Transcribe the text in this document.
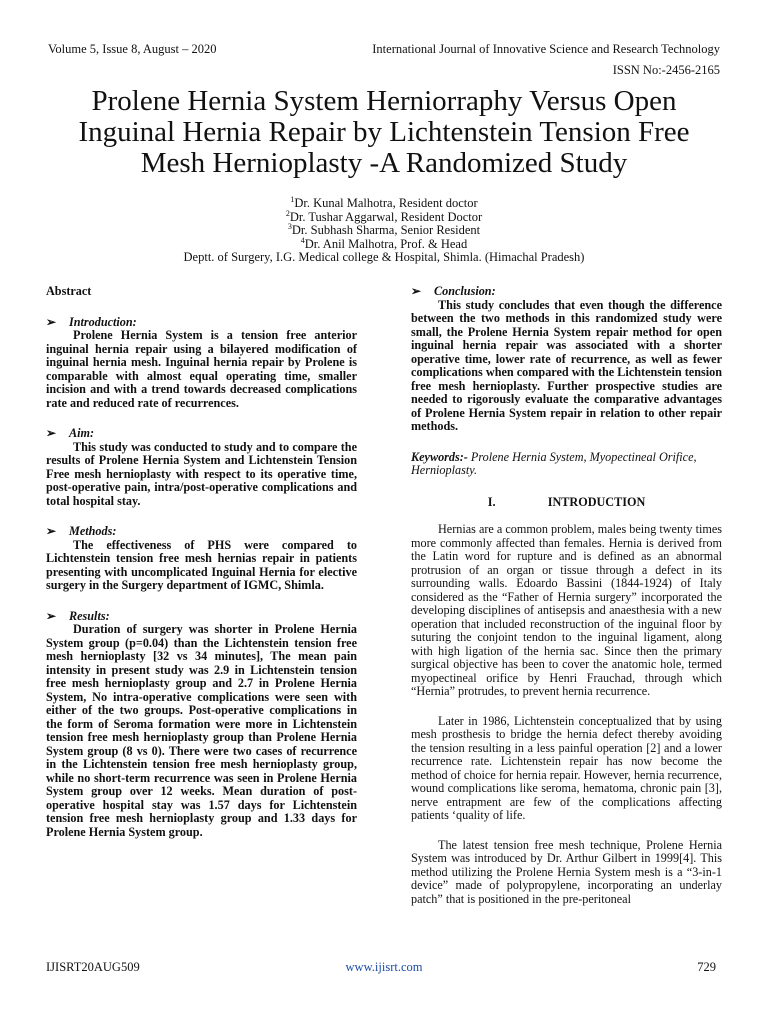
Volume 5, Issue 8, August – 2020	International Journal of Innovative Science and Research Technology
ISSN No:-2456-2165
Prolene Hernia System Herniorraphy Versus Open
Inguinal Hernia Repair by Lichtenstein Tension Free
Mesh Hernioplasty -A Randomized Study
$^1$Dr. Kunal Malhotra, Resident doctor
$^2$Dr. Tushar Aggarwal, Resident Doctor
$^3$Dr. Subhash Sharma, Senior Resident
$^4$Dr. Anil Malhotra, Prof. & Head
Deptt. of Surgery, I.G. Medical college & Hospital, Shimla. (Himachal Pradesh)
Abstract
➢ Introduction:

Prolene Hernia System is a tension free anterior inguinal hernia repair using a bilayered modification of inguinal hernia mesh. Inguinal hernia repair by Prolene is comparable with almost equal operating time, smaller incision and with a trend towards decreased complications rate and reduced rate of recurrences.

➢ Aim:

This study was conducted to study and to compare the results of Prolene Hernia System and Lichtenstein Tension Free mesh hernioplasty with respect to its operative time, post-operative pain, intra/post-operative complications and total hospital stay.

➢ Methods:

The effectiveness of PHS were compared to Lichtenstein tension free mesh hernias repair in patients presenting with uncomplicated Inguinal Hernia for elective surgery in the Surgery department of IGMC, Shimla.

➢ Results:

Duration of surgery was shorter in Prolene Hernia System group (p=0.04) than the Lichtenstein tension free mesh hernioplasty [32 vs 34 minutes], The mean pain intensity in present study was 2.9 in Lichtenstein tension free mesh hernioplasty group and 2.7 in Prolene Hernia System, No intra-operative complications were seen with either of the two groups. Post-operative complications in the form of Seroma formation were more in Lichtenstein tension free mesh hernioplasty group than Prolene Hernia System group (8 vs 0). There were two cases of recurrence in the Lichtenstein tension free mesh hernioplasty group, while no short-term recurrence was seen in Prolene Hernia System group over 12 weeks. Mean duration of post-operative hospital stay was 1.57 days for Lichtenstein tension free mesh hernioplasty group and 1.33 days for Prolene Hernia System group.

➢ Conclusion:

This study concludes that even though the difference between the two methods in this randomized study were small, the Prolene Hernia System repair method for open inguinal hernia repair was associated with a shorter operative time, lower rate of recurrence, as well as fewer complications when compared with the Lichtenstein tension free mesh hernioplasty. Further prospective studies are needed to rigorously evaluate the comparative advantages of Prolene Hernia System repair in relation to other repair methods.

Keywords:- Prolene Hernia System, Myopectineal Orifice, Hernioplasty.

I.	INTRODUCTION

Hernias are a common problem, males being twenty times more commonly affected than females. Hernia is derived from the Latin word for rupture and is defined as an abnormal protrusion of an organ or tissue through a defect in its surrounding walls. Edoardo Bassini (1844-1924) of Italy considered as the “Father of Hernia surgery” incorporated the developing disciplines of antisepsis and anaesthesia with a new operation that included reconstruction of the inguinal floor by suturing the conjoint tendon to the inguinal ligament, along with high ligation of the hernia sac. Since then the primary surgical objective has been to cover the anatomic hole, termed myopectineal orifice by Henri Frauchad, through which “Hernia” protrudes, to prevent hernia recurrence.

Later in 1986, Lichtenstein conceptualized that by using mesh prosthesis to bridge the hernia defect thereby avoiding the tension resulting in a less painful operation [2] and a lower recurrence rate. Lichtenstein repair has now become the method of choice for hernia repair. However, hernia recurrence, wound complications like seroma, hematoma, chronic pain [3], nerve entrapment are few of the complications affecting patients ‘quality of life.

The latest tension free mesh technique, Prolene Hernia System was introduced by Dr. Arthur Gilbert in 1999[4]. This method utilizing the Prolene Hernia System mesh is a “3-in-1 device” made of polypropylene, incorporating an underlay patch” that is positioned in the pre-peritoneal

IJISRT20AUG509	www.ijisrt.com	729
